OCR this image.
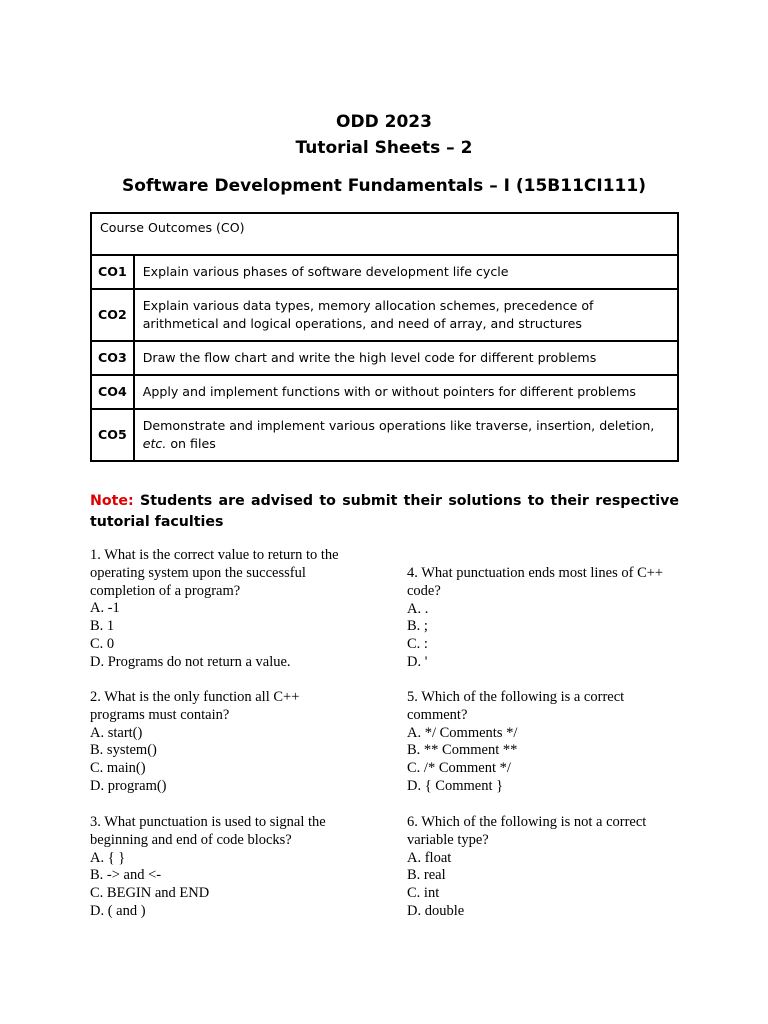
ODD 2023
Tutorial Sheets – 2
Software Development Fundamentals – I (15B11CI111)
Course Outcomes (CO)	
CO1	Explain various phases of software development life cycle
CO2	Explain various data types, memory allocation schemes, precedence of
arithmetical and logical operations, and need of array, and structures

CO3	Draw the flow chart and write the high level code for different problems
CO4	Apply and implement functions with or without pointers for different problems
CO5	Demonstrate and implement various operations like traverse, insertion, deletion,
etc. on files
Note: Students are advised to submit their solutions to their respective tutorial faculties
1. What is the correct value to return to the
operating system upon the successful
completion of a program?
A. -1
B. 1
C. 0
D. Programs do not return a value.
2. What is the only function all C++
programs must contain?
A. start()
B. system()
C. main()
D. program()
3. What punctuation is used to signal the
beginning and end of code blocks?
A. { }
B. -> and <-
C. BEGIN and END
D. ( and )
4. What punctuation ends most lines of C++
code?
A. .
B. ;
C. :
D. '
5. Which of the following is a correct
comment?
A. */ Comments */
B. ** Comment **
C. /* Comment */
D. { Comment }
6. Which of the following is not a correct
variable type?
A. float
B. real
C. int
D. double
